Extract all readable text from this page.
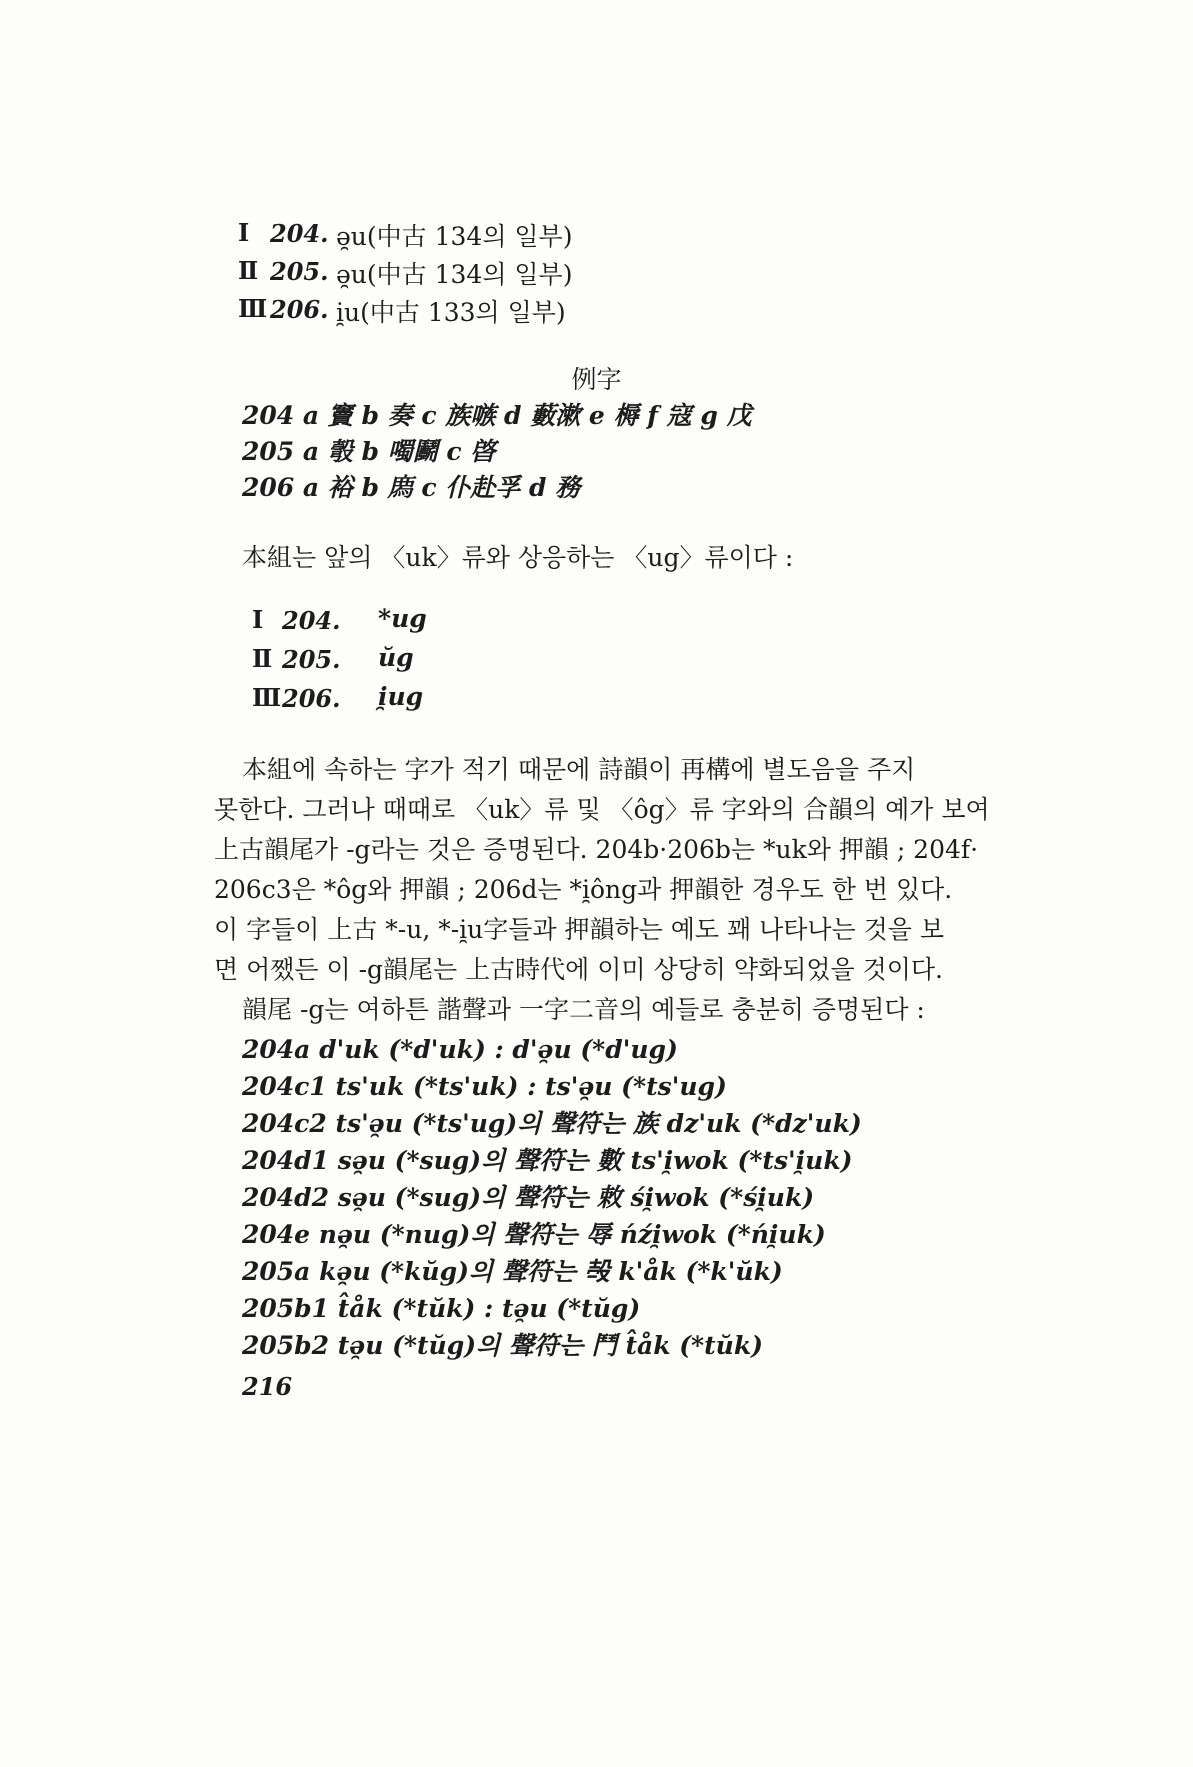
Ⅰ 204. ə̯u(中古 134의 일부)
Ⅱ 205. ə̯u(中古 134의 일부)
Ⅲ 206. i̯u(中古 133의 일부)
例字
204 a 竇 b 奏 c 族嗾 d 藪漱 e 槈 f 寇 g 戊
205 a 彀 b 噣鬬 c 晵
206 a 裕 b 𢊁 c 仆赴孚 d 務
本組는 앞의 〈uk〉류와 상응하는 〈ug〉류이다 :
Ⅰ 204. *ug
Ⅱ 205. ŭg
Ⅲ 206. i̯ug
本組에 속하는 字가 적기 때문에 詩韻이 再構에 별도음을 주지
못한다. 그러나 때때로 〈uk〉류 및 〈ôg〉류 字와의 合韻의 예가 보여
上古韻尾가 -g라는 것은 증명된다. 204b·206b는 *uk와 押韻 ; 204f·
206c3은 *ôg와 押韻 ; 206d는 *i̯ông과 押韻한 경우도 한 번 있다.
이 字들이 上古 *-u, *-i̯u字들과 押韻하는 예도 꽤 나타나는 것을 보
면 어쨌든 이 -g韻尾는 上古時代에 이미 상당히 약화되었을 것이다.
韻尾 -g는 여하튼 諧聲과 一字二音의 예들로 충분히 증명된다 :
204a d'uk (*d'uk) : d'ə̯u (*d'ug)
204c1 ts'uk (*ts'uk) : ts'ə̯u (*ts'ug)
204c2 ts'ə̯u (*ts'ug)의 聲符는 族 dz'uk (*dz'uk)
204d1 sə̯u (*sug)의 聲符는 數 ts'i̯wok (*ts'i̯uk)
204d2 sə̯u (*sug)의 聲符는 敕 śi̯wok (*śi̯uk)
204e nə̯u (*nug)의 聲符는 辱 ńźi̯wok (*ńi̯uk)
205a kə̯u (*kŭg)의 聲符는 𣪊 k'åk (*k'ŭk)
205b1 t̂åk (*tŭk) : tə̯u (*tŭg)
205b2 tə̯u (*tŭg)의 聲符는 鬥 t̂åk (*tŭk)
216
